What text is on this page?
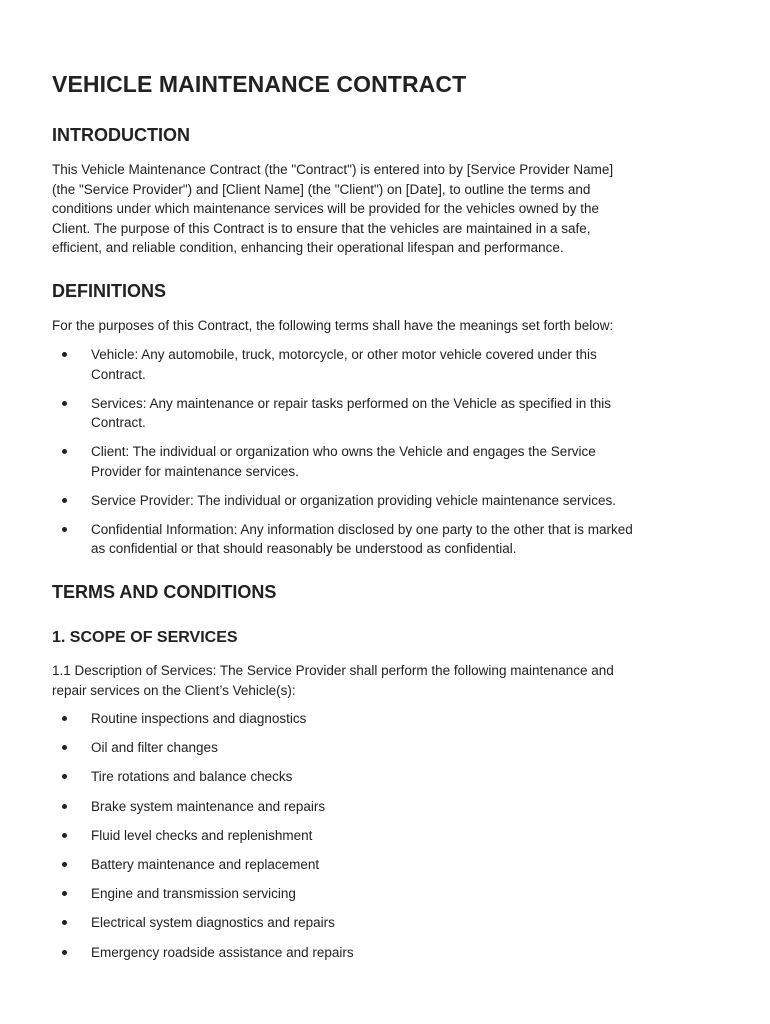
VEHICLE MAINTENANCE CONTRACT
INTRODUCTION

This Vehicle Maintenance Contract (the "Contract") is entered into by [Service Provider Name]
(the "Service Provider") and [Client Name] (the "Client") on [Date], to outline the terms and
conditions under which maintenance services will be provided for the vehicles owned by the
Client. The purpose of this Contract is to ensure that the vehicles are maintained in a safe,
efficient, and reliable condition, enhancing their operational lifespan and performance.

DEFINITIONS

For the purposes of this Contract, the following terms shall have the meanings set forth below:

Vehicle: Any automobile, truck, motorcycle, or other motor vehicle covered under this
Contract.
Services: Any maintenance or repair tasks performed on the Vehicle as specified in this
Contract.
Client: The individual or organization who owns the Vehicle and engages the Service
Provider for maintenance services.
Service Provider: The individual or organization providing vehicle maintenance services.
Confidential Information: Any information disclosed by one party to the other that is marked
as confidential or that should reasonably be understood as confidential.
TERMS AND CONDITIONS
1. SCOPE OF SERVICES

1.1 Description of Services: The Service Provider shall perform the following maintenance and
repair services on the Client’s Vehicle(s):

Routine inspections and diagnostics
Oil and filter changes
Tire rotations and balance checks
Brake system maintenance and repairs
Fluid level checks and replenishment
Battery maintenance and replacement
Engine and transmission servicing
Electrical system diagnostics and repairs
Emergency roadside assistance and repairs
